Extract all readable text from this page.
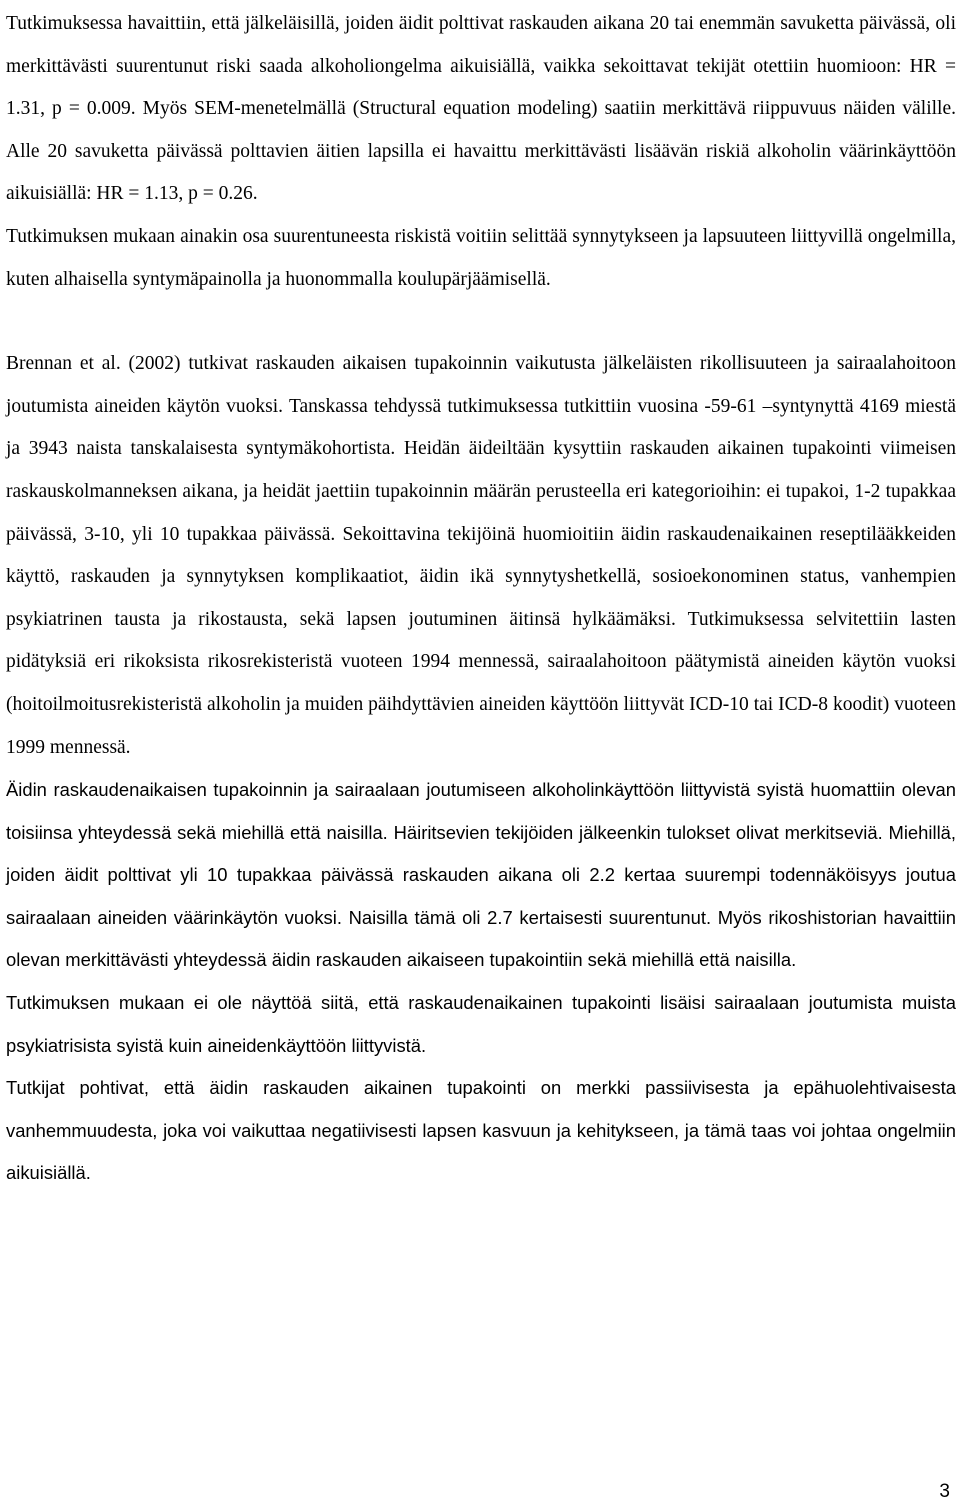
Tutkimuksessa havaittiin, että jälkeläisillä, joiden äidit polttivat raskauden aikana 20 tai enemmän savuketta päivässä, oli merkittävästi suurentunut riski saada alkoholiongelma aikuisiällä, vaikka sekoittavat tekijät otettiin huomioon: HR = 1.31, p = 0.009. Myös SEM-menetelmällä (Structural equation modeling) saatiin merkittävä riippuvuus näiden välille. Alle 20 savuketta päivässä polttavien äitien lapsilla ei havaittu merkittävästi lisäävän riskiä alkoholin väärinkäyttöön aikuisiällä: HR = 1.13, p = 0.26.

Tutkimuksen mukaan ainakin osa suurentuneesta riskistä voitiin selittää synnytykseen ja lapsuuteen liittyvillä ongelmilla, kuten alhaisella syntymäpainolla ja huonommalla koulupärjäämisellä.

Brennan et al. (2002) tutkivat raskauden aikaisen tupakoinnin vaikutusta jälkeläisten rikollisuuteen ja sairaalahoitoon joutumista aineiden käytön vuoksi. Tanskassa tehdyssä tutkimuksessa tutkittiin vuosina -59-61 –syntynyttä 4169 miestä ja 3943 naista tanskalaisesta syntymäkohortista. Heidän äideiltään kysyttiin raskauden aikainen tupakointi viimeisen raskauskolmanneksen aikana, ja heidät jaettiin tupakoinnin määrän perusteella eri kategorioihin: ei tupakoi, 1-2 tupakkaa päivässä, 3-10, yli 10 tupakkaa päivässä. Sekoittavina tekijöinä huomioitiin äidin raskaudenaikainen reseptilääkkeiden käyttö, raskauden ja synnytyksen komplikaatiot, äidin ikä synnytyshetkellä, sosioekonominen status, vanhempien psykiatrinen tausta ja rikostausta, sekä lapsen joutuminen äitinsä hylkäämäksi. Tutkimuksessa selvitettiin lasten pidätyksiä eri rikoksista rikosrekisteristä vuoteen 1994 mennessä, sairaalahoitoon päätymistä aineiden käytön vuoksi (hoitoilmoitusrekisteristä alkoholin ja muiden päihdyttävien aineiden käyttöön liittyvät ICD-10 tai ICD-8 koodit) vuoteen 1999 mennessä.

Äidin raskaudenaikaisen tupakoinnin ja sairaalaan joutumiseen alkoholinkäyttöön liittyvistä syistä huomattiin olevan toisiinsa yhteydessä sekä miehillä että naisilla. Häiritsevien tekijöiden jälkeenkin tulokset olivat merkitseviä. Miehillä, joiden äidit polttivat yli 10 tupakkaa päivässä raskauden aikana oli 2.2 kertaa suurempi todennäköisyys joutua sairaalaan aineiden väärinkäytön vuoksi. Naisilla tämä oli 2.7 kertaisesti suurentunut. Myös rikoshistorian havaittiin olevan merkittävästi yhteydessä äidin raskauden aikaiseen tupakointiin sekä miehillä että naisilla.

Tutkimuksen mukaan ei ole näyttöä siitä, että raskaudenaikainen tupakointi lisäisi sairaalaan joutumista muista psykiatrisista syistä kuin aineidenkäyttöön liittyvistä.

Tutkijat pohtivat, että äidin raskauden aikainen tupakointi on merkki passiivisesta ja epähuolehtivaisesta vanhemmuudesta, joka voi vaikuttaa negatiivisesti lapsen kasvuun ja kehitykseen, ja tämä taas voi johtaa ongelmiin aikuisiällä.

3
